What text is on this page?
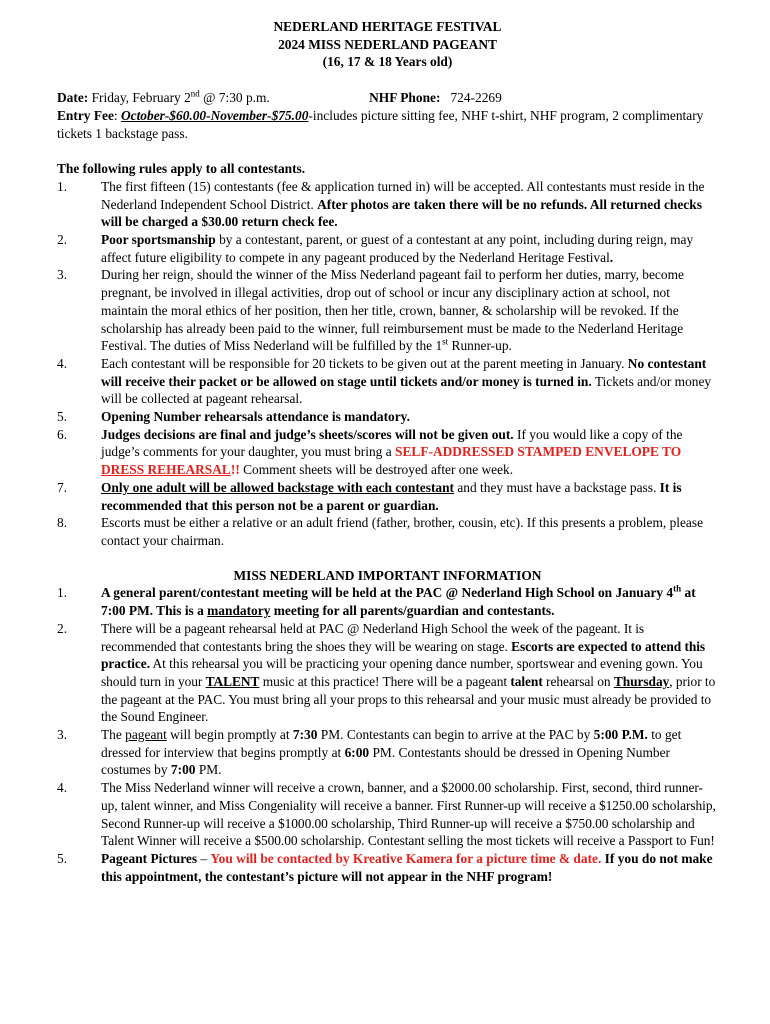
NEDERLAND HERITAGE FESTIVAL
2024 MISS NEDERLAND PAGEANT
(16, 17 & 18 Years old)
Date: Friday, February 2nd @ 7:30 p.m.	NHF Phone: 724-2269
Entry Fee: October-$60.00-November-$75.00-includes picture sitting fee, NHF t-shirt, NHF program, 2 complimentary tickets 1 backstage pass.
The following rules apply to all contestants.
1.	The first fifteen (15) contestants (fee & application turned in) will be accepted. All contestants must reside in the Nederland Independent School District. After photos are taken there will be no refunds. All returned checks will be charged a $30.00 return check fee.
2.	Poor sportsmanship by a contestant, parent, or guest of a contestant at any point, including during reign, may affect future eligibility to compete in any pageant produced by the Nederland Heritage Festival.
3.	During her reign, should the winner of the Miss Nederland pageant fail to perform her duties, marry, become pregnant, be involved in illegal activities, drop out of school or incur any disciplinary action at school, not maintain the moral ethics of her position, then her title, crown, banner, & scholarship will be revoked. If the scholarship has already been paid to the winner, full reimbursement must be made to the Nederland Heritage Festival. The duties of Miss Nederland will be fulfilled by the 1st Runner-up.
4.	Each contestant will be responsible for 20 tickets to be given out at the parent meeting in January. No contestant will receive their packet or be allowed on stage until tickets and/or money is turned in. Tickets and/or money will be collected at pageant rehearsal.
5.	Opening Number rehearsals attendance is mandatory.
6.	Judges decisions are final and judge’s sheets/scores will not be given out. If you would like a copy of the judge’s comments for your daughter, you must bring a SELF-ADDRESSED STAMPED ENVELOPE TO DRESS REHEARSAL!! Comment sheets will be destroyed after one week.
7.	Only one adult will be allowed backstage with each contestant and they must have a backstage pass. It is recommended that this person not be a parent or guardian.
8.	Escorts must be either a relative or an adult friend (father, brother, cousin, etc). If this presents a problem, please contact your chairman.
MISS NEDERLAND IMPORTANT INFORMATION
1.	A general parent/contestant meeting will be held at the PAC @ Nederland High School on January 4th at 7:00 PM. This is a mandatory meeting for all parents/guardian and contestants.
2.	There will be a pageant rehearsal held at PAC @ Nederland High School the week of the pageant. It is recommended that contestants bring the shoes they will be wearing on stage. Escorts are expected to attend this practice. At this rehearsal you will be practicing your opening dance number, sportswear and evening gown. You should turn in your TALENT music at this practice! There will be a pageant talent rehearsal on Thursday, prior to the pageant at the PAC. You must bring all your props to this rehearsal and your music must already be provided to the Sound Engineer.
3.	The pageant will begin promptly at 7:30 PM. Contestants can begin to arrive at the PAC by 5:00 P.M. to get dressed for interview that begins promptly at 6:00 PM. Contestants should be dressed in Opening Number costumes by 7:00 PM.
4.	The Miss Nederland winner will receive a crown, banner, and a $2000.00 scholarship. First, second, third runner-up, talent winner, and Miss Congeniality will receive a banner. First Runner-up will receive a $1250.00 scholarship, Second Runner-up will receive a $1000.00 scholarship, Third Runner-up will receive a $750.00 scholarship and Talent Winner will receive a $500.00 scholarship. Contestant selling the most tickets will receive a Passport to Fun!
5.	Pageant Pictures – You will be contacted by Kreative Kamera for a picture time & date. If you do not make this appointment, the contestant’s picture will not appear in the NHF program!
